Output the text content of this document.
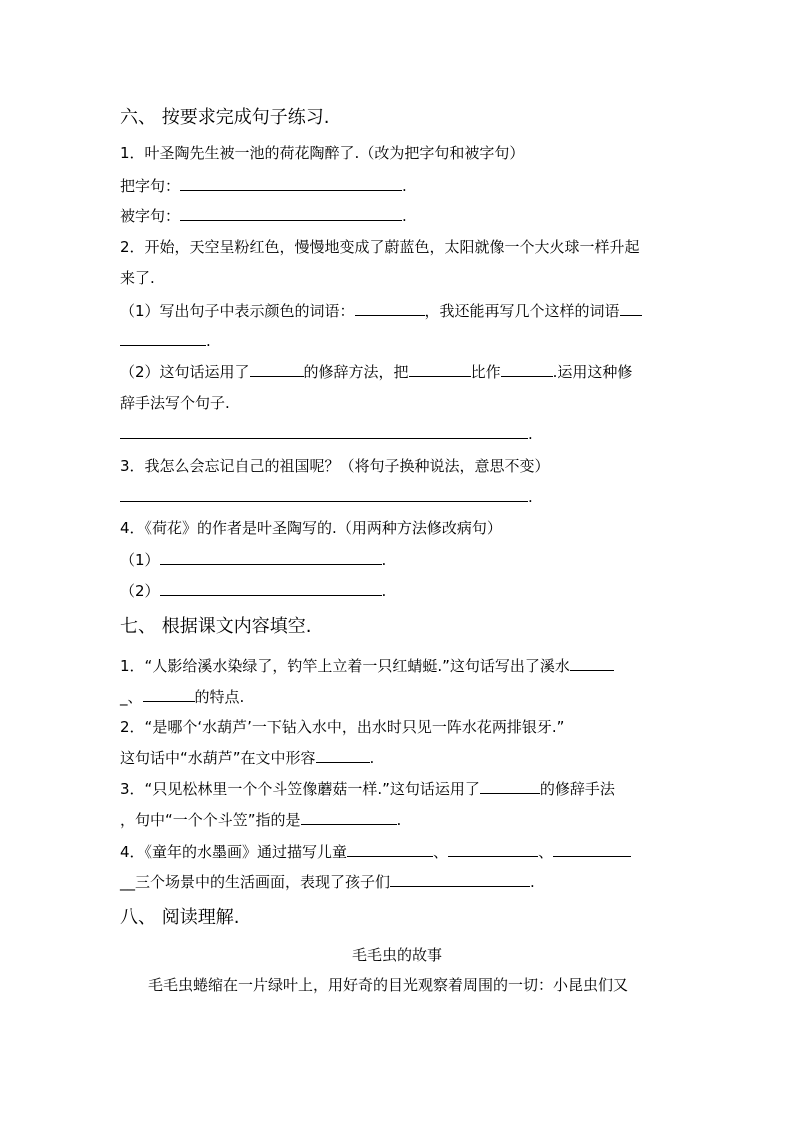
六、 按要求完成句子练习.
1．叶圣陶先生被一池的荷花陶醉了.（改为把字句和被字句）
把字句：	.
被字句：	.
2．开始，天空呈粉红色，慢慢地变成了蔚蓝色，太阳就像一个大火球一样升起
来了.
（1）写出句子中表示颜色的词语：	，我还能再写几个这样的词语
.
（2）这句话运用了	的修辞方法，把	比作	.运用这种修
辞手法写个句子.
.
3．我怎么会忘记自己的祖国呢？（将句子换种说法，意思不变）
.
4．《荷花》的作者是叶圣陶写的.（用两种方法修改病句）
（1）	.
（2）	.
七、 根据课文内容填空.
1．“人影给溪水染绿了，钓竿上立着一只红蜻蜓.”这句话写出了溪水
_、	的特点.
2．“是哪个‘水葫芦’一下钻入水中，出水时只见一阵水花两排银牙.”
这句话中“水葫芦”在文中形容	.
3．“只见松林里一个个斗笠像蘑菇一样.”这句话运用了	的修辞手法
，句中“一个个斗笠”指的是	.
4．《童年的水墨画》通过描写儿童	、	、
__三个场景中的生活画面，表现了孩子们	.
八、 阅读理解.
毛毛虫的故事
毛毛虫蜷缩在一片绿叶上，用好奇的目光观察着周围的一切：小昆虫们又
